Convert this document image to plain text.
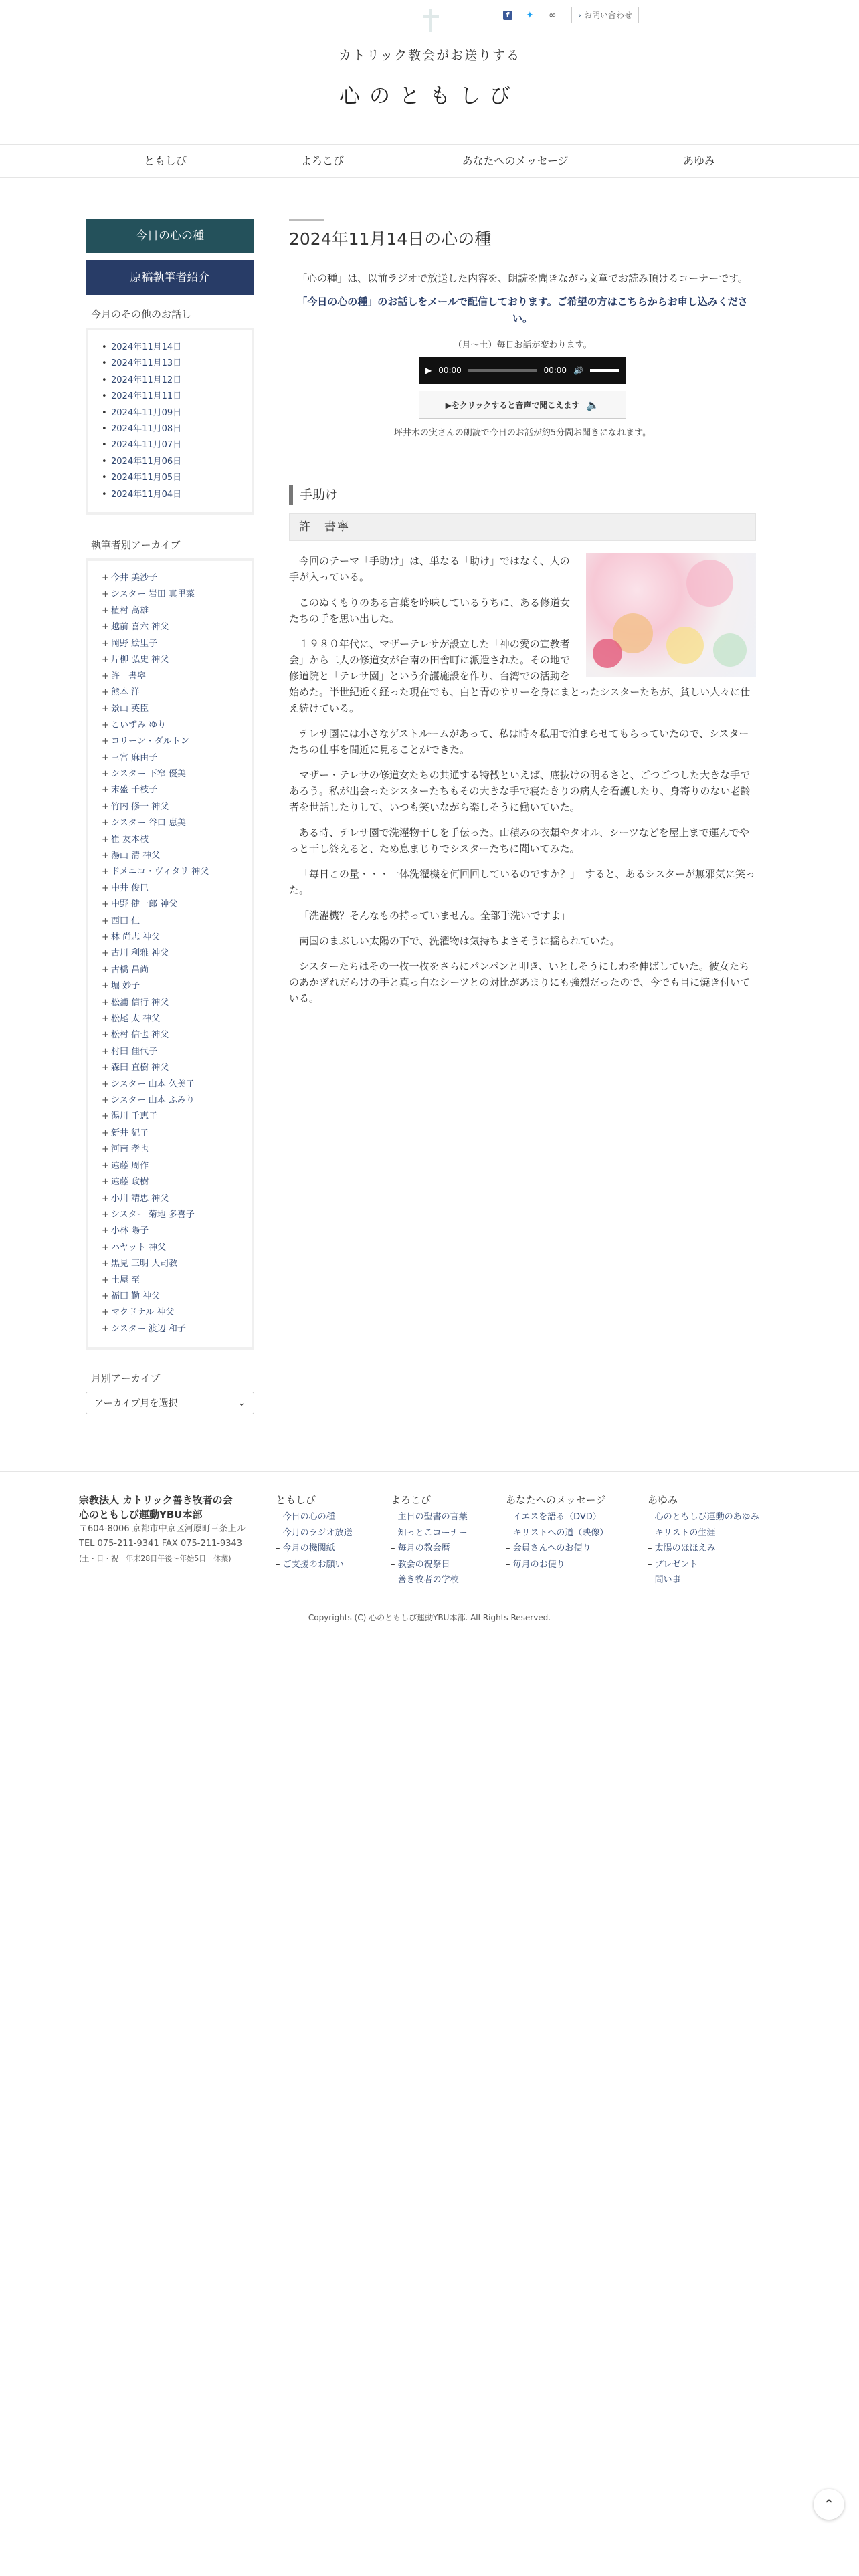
f	✦ ∞	› お問い合わせ
カトリック教会がお送りする
心のともしび
ともしび	よろこび	あなたへのメッセージ	あゆみ
今日の心の種
原稿執筆者紹介
今月のその他のお話し
• 2024年11月14日
• 2024年11月13日
• 2024年11月12日
• 2024年11月11日
• 2024年11月09日
• 2024年11月08日
• 2024年11月07日
• 2024年11月06日
• 2024年11月05日
• 2024年11月04日
執筆者別アーカイブ
+ 今井 美沙子
+ シスター 岩田 真里菜
+ 植村 高雄
+ 越前 喜六 神父
+ 岡野 絵里子
+ 片柳 弘史 神父
+ 許　書寧
+ 熊本 洋
+ 景山 英臣
+ こいずみ ゆり
+ コリーン・ダルトン
+ 三宮 麻由子
+ シスター 下窄 優美
+ 末盛 千枝子
+ 竹内 修一 神父
+ シスター 谷口 恵美
+ 崔 友本枝
+ 湯山 清 神父
+ ドメニコ・ヴィタリ 神父
+ 中井 俊巳
+ 中野 健一郎 神父
+ 西田 仁
+ 林 尚志 神父
+ 古川 利雅 神父
+ 古橋 昌尚
+ 堀 妙子
+ 松浦 信行 神父
+ 松尾 太 神父
+ 松村 信也 神父
+ 村田 佳代子
+ 森田 直樹 神父
+ シスター 山本 久美子
+ シスター 山本 ふみり
+ 湯川 千恵子
+ 新井 紀子
+ 河南 孝也
+ 遠藤 周作
+ 遠藤 政樹
+ 小川 靖忠 神父
+ シスター 菊地 多喜子
+ 小林 陽子
+ ハヤット 神父
+ 黒見 三明 大司教
+ 土屋 至
+ 福田 勤 神父
+ マクドナル 神父
+ シスター 渡辺 和子
月別アーカイブ
アーカイブ月を選択	⌄
2024年11月14日の心の種

「心の種」は、以前ラジオで放送した内容を、朗読を聞きながら文章でお読み頂けるコーナーです。

「今日の心の種」のお話しをメールで配信しております。ご希望の方はこちらからお申し込みください。

（月〜土）毎日お話が変わります。

▶ 00:00	00:00 🔊
▶をクリックすると音声で聞こえます 🔈

坪井木の実さんの朗読で今日のお話が約5分間お聞きになれます。

手助け
許　書寧

今回のテーマ「手助け」は、単なる「助け」ではなく、人の手が入っている。

このぬくもりのある言葉を吟味しているうちに、ある修道女たちの手を思い出した。

１９８０年代に、マザーテレサが設立した「神の愛の宣教者会」から二人の修道女が台南の田舎町に派遣された。その地で修道院と「テレサ園」という介護施設を作り、台湾での活動を始めた。半世紀近く経った現在でも、白と青のサリーを身にまとったシスターたちが、貧しい人々に仕え続けている。

テレサ園には小さなゲストルームがあって、私は時々私用で泊まらせてもらっていたので、シスターたちの仕事を間近に見ることができた。

マザー・テレサの修道女たちの共通する特徴といえば、底抜けの明るさと、ごつごつした大きな手であろう。私が出会ったシスターたちもその大きな手で寝たきりの病人を看護したり、身寄りのない老齢者を世話したりして、いつも笑いながら楽しそうに働いていた。

ある時、テレサ園で洗濯物干しを手伝った。山積みの衣類やタオル、シーツなどを屋上まで運んでやっと干し終えると、ため息まじりでシスターたちに聞いてみた。

「毎日この量・・・一体洗濯機を何回回しているのですか？」　すると、あるシスターが無邪気に笑った。

「洗濯機？そんなもの持っていません。全部手洗いですよ」

南国のまぶしい太陽の下で、洗濯物は気持ちよさそうに揺られていた。

シスターたちはその一枚一枚をさらにパンパンと叩き、いとしそうにしわを伸ばしていた。彼女たちのあかぎれだらけの手と真っ白なシーツとの対比があまりにも強烈だったので、今でも目に焼き付いている。

宗教法人 カトリック善き牧者の会
心のともしび運動YBU本部
〒604-8006 京都市中京区河原町三条上ル
TEL 075-211-9341 FAX 075-211-9343
(土・日・祝　年末28日午後〜年始5日　休業)
ともしび
– 今日の心の種
– 今月のラジオ放送
– 今月の機関紙
– ご支援のお願い
よろこび
– 主日の聖書の言葉
– 知っとこコーナー
– 毎月の教会暦
– 教会の祝祭日
– 善き牧者の学校
あなたへのメッセージ
– イエスを語る（DVD）
– キリストへの道（映像）
– 会員さんへのお便り
– 毎月のお便り
あゆみ
– 心のともしび運動のあゆみ
– キリストの生涯
– 太陽のほほえみ
– プレゼント
– 問い事
Copyrights (C) 心のともしび運動YBU本部. All Rights Reserved.
⌃
